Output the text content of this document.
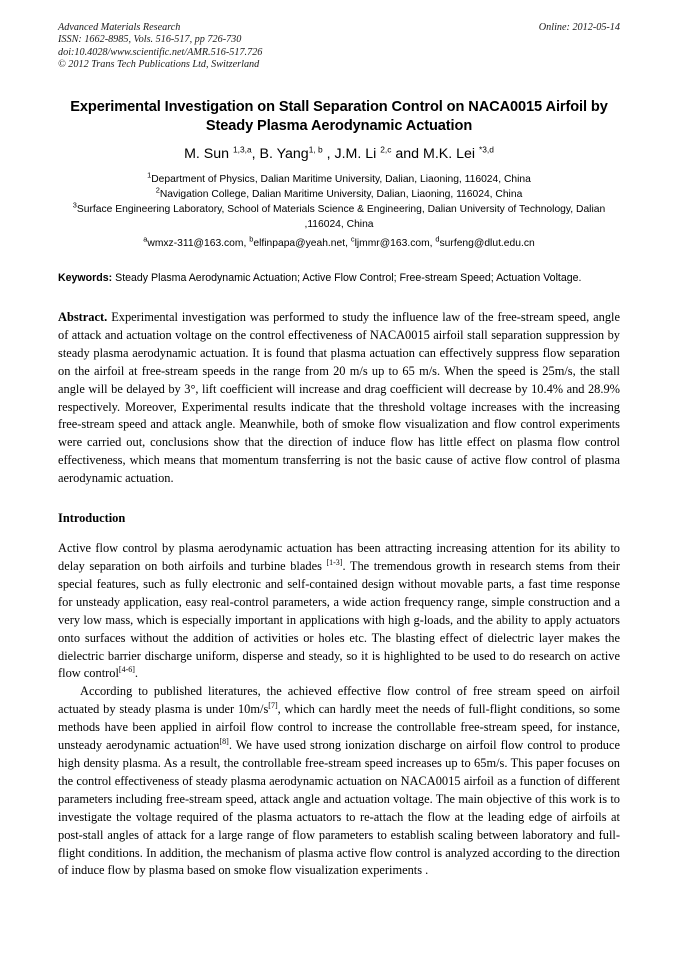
Advanced Materials Research
ISSN: 1662-8985, Vols. 516-517, pp 726-730
doi:10.4028/www.scientific.net/AMR.516-517.726
© 2012 Trans Tech Publications Ltd, Switzerland
Online: 2012-05-14
Experimental Investigation on Stall Separation Control on NACA0015 Airfoil by Steady Plasma Aerodynamic Actuation
M. Sun $^{1,3,a}$, B. Yang$^{1, b}$ , J.M. Li $^{2,c}$ and M.K. Lei $^{*3,d}$

$^1$Department of Physics, Dalian Maritime University, Dalian, Liaoning, 116024, China

$^2$Navigation College, Dalian Maritime University, Dalian, Liaoning, 116024, China

$^3$Surface Engineering Laboratory, School of Materials Science & Engineering, Dalian University of Technology, Dalian ,116024, China

$^a$wmxz-311@163.com, $^b$elfinpapa@yeah.net, $^c$ljmmr@163.com, $^d$surfeng@dlut.edu.cn
Keywords: Steady Plasma Aerodynamic Actuation; Active Flow Control; Free-stream Speed; Actuation Voltage.
Abstract. Experimental investigation was performed to study the influence law of the free-stream speed, angle of attack and actuation voltage on the control effectiveness of NACA0015 airfoil stall separation suppression by steady plasma aerodynamic actuation. It is found that plasma actuation can effectively suppress flow separation on the airfoil at free-stream speeds in the range from 20 m/s up to 65 m/s. When the speed is 25m/s, the stall angle will be delayed by 3°, lift coefficient will increase and drag coefficient will decrease by 10.4% and 28.9% respectively. Moreover, Experimental results indicate that the threshold voltage increases with the increasing free-stream speed and attack angle. Meanwhile, both of smoke flow visualization and flow control experiments were carried out, conclusions show that the direction of induce flow has little effect on plasma flow control effectiveness, which means that momentum transferring is not the basic cause of active flow control of plasma aerodynamic actuation.
Introduction
Active flow control by plasma aerodynamic actuation has been attracting increasing attention for its ability to delay separation on both airfoils and turbine blades [1-3]. The tremendous growth in research stems from their special features, such as fully electronic and self-contained design without movable parts, a fast time response for unsteady application, easy real-control parameters, a wide action frequency range, simple construction and a very low mass, which is especially important in applications with high g-loads, and the ability to apply actuators onto surfaces without the addition of activities or holes etc. The blasting effect of dielectric layer makes the dielectric barrier discharge uniform, disperse and steady, so it is highlighted to be used to do research on active flow control[4-6].
According to published literatures, the achieved effective flow control of free stream speed on airfoil actuated by steady plasma is under 10m/s[7], which can hardly meet the needs of full-flight conditions, so some methods have been applied in airfoil flow control to increase the controllable free-stream speed, for instance, unsteady aerodynamic actuation[8]. We have used strong ionization discharge on airfoil flow control to produce high density plasma. As a result, the controllable free-stream speed increases up to 65m/s. This paper focuses on the control effectiveness of steady plasma aerodynamic actuation on NACA0015 airfoil as a function of different parameters including free-stream speed, attack angle and actuation voltage. The main objective of this work is to investigate the voltage required of the plasma actuators to re-attach the flow at the leading edge of airfoils at post-stall angles of attack for a large range of flow parameters to establish scaling between laboratory and full-flight conditions. In addition, the mechanism of plasma active flow control is analyzed according to the direction of induce flow by plasma based on smoke flow visualization experiments .
